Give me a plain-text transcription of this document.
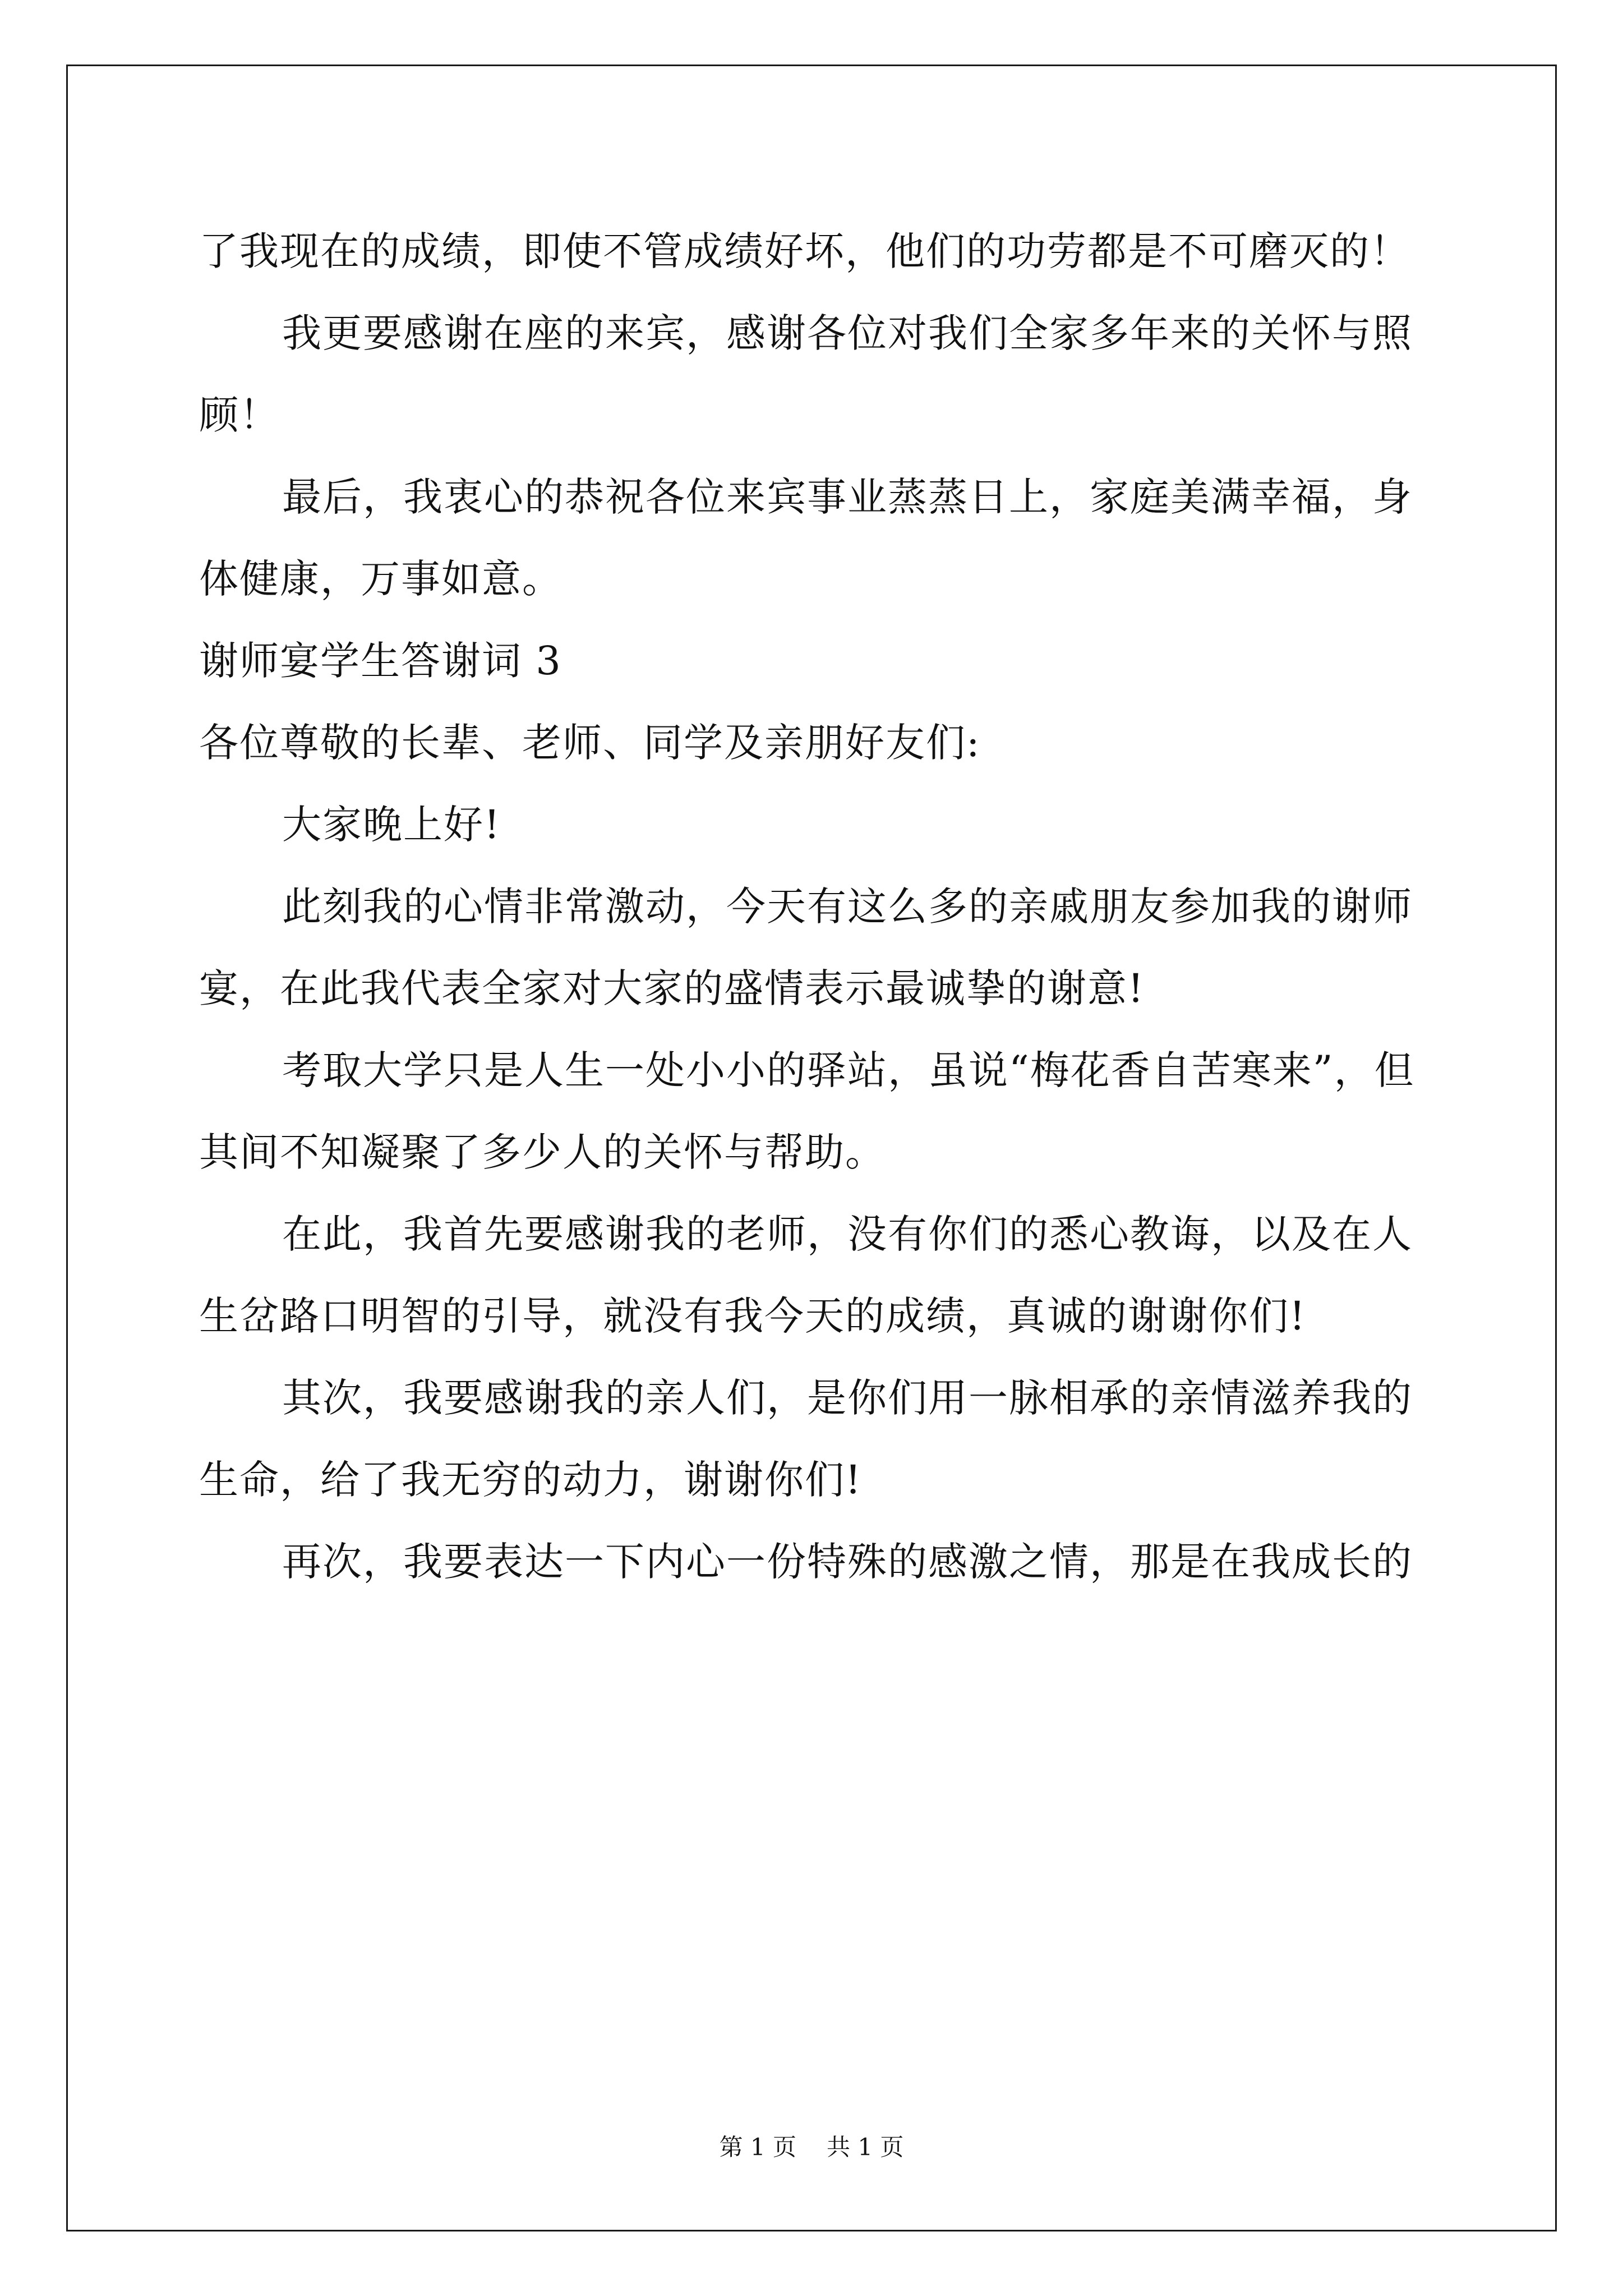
了我现在的成绩，即使不管成绩好坏，他们的功劳都是不可磨灭的！

我更要感谢在座的来宾，感谢各位对我们全家多年来的关怀与照

顾！

最后，我衷心的恭祝各位来宾事业蒸蒸日上，家庭美满幸福，身

体健康，万事如意。

谢师宴学生答谢词 3

各位尊敬的长辈、老师、同学及亲朋好友们:

大家晚上好!

此刻我的心情非常激动，今天有这么多的亲戚朋友参加我的谢师

宴，在此我代表全家对大家的盛情表示最诚挚的谢意!

考取大学只是人生一处小小的驿站，虽说“梅花香自苦寒来”，但

其间不知凝聚了多少人的关怀与帮助。

在此，我首先要感谢我的老师，没有你们的悉心教诲，以及在人

生岔路口明智的引导，就没有我今天的成绩，真诚的谢谢你们!

其次，我要感谢我的亲人们，是你们用一脉相承的亲情滋养我的

生命，给了我无穷的动力，谢谢你们!

再次，我要表达一下内心一份特殊的感激之情，那是在我成长的

第 1 页 共 1 页
